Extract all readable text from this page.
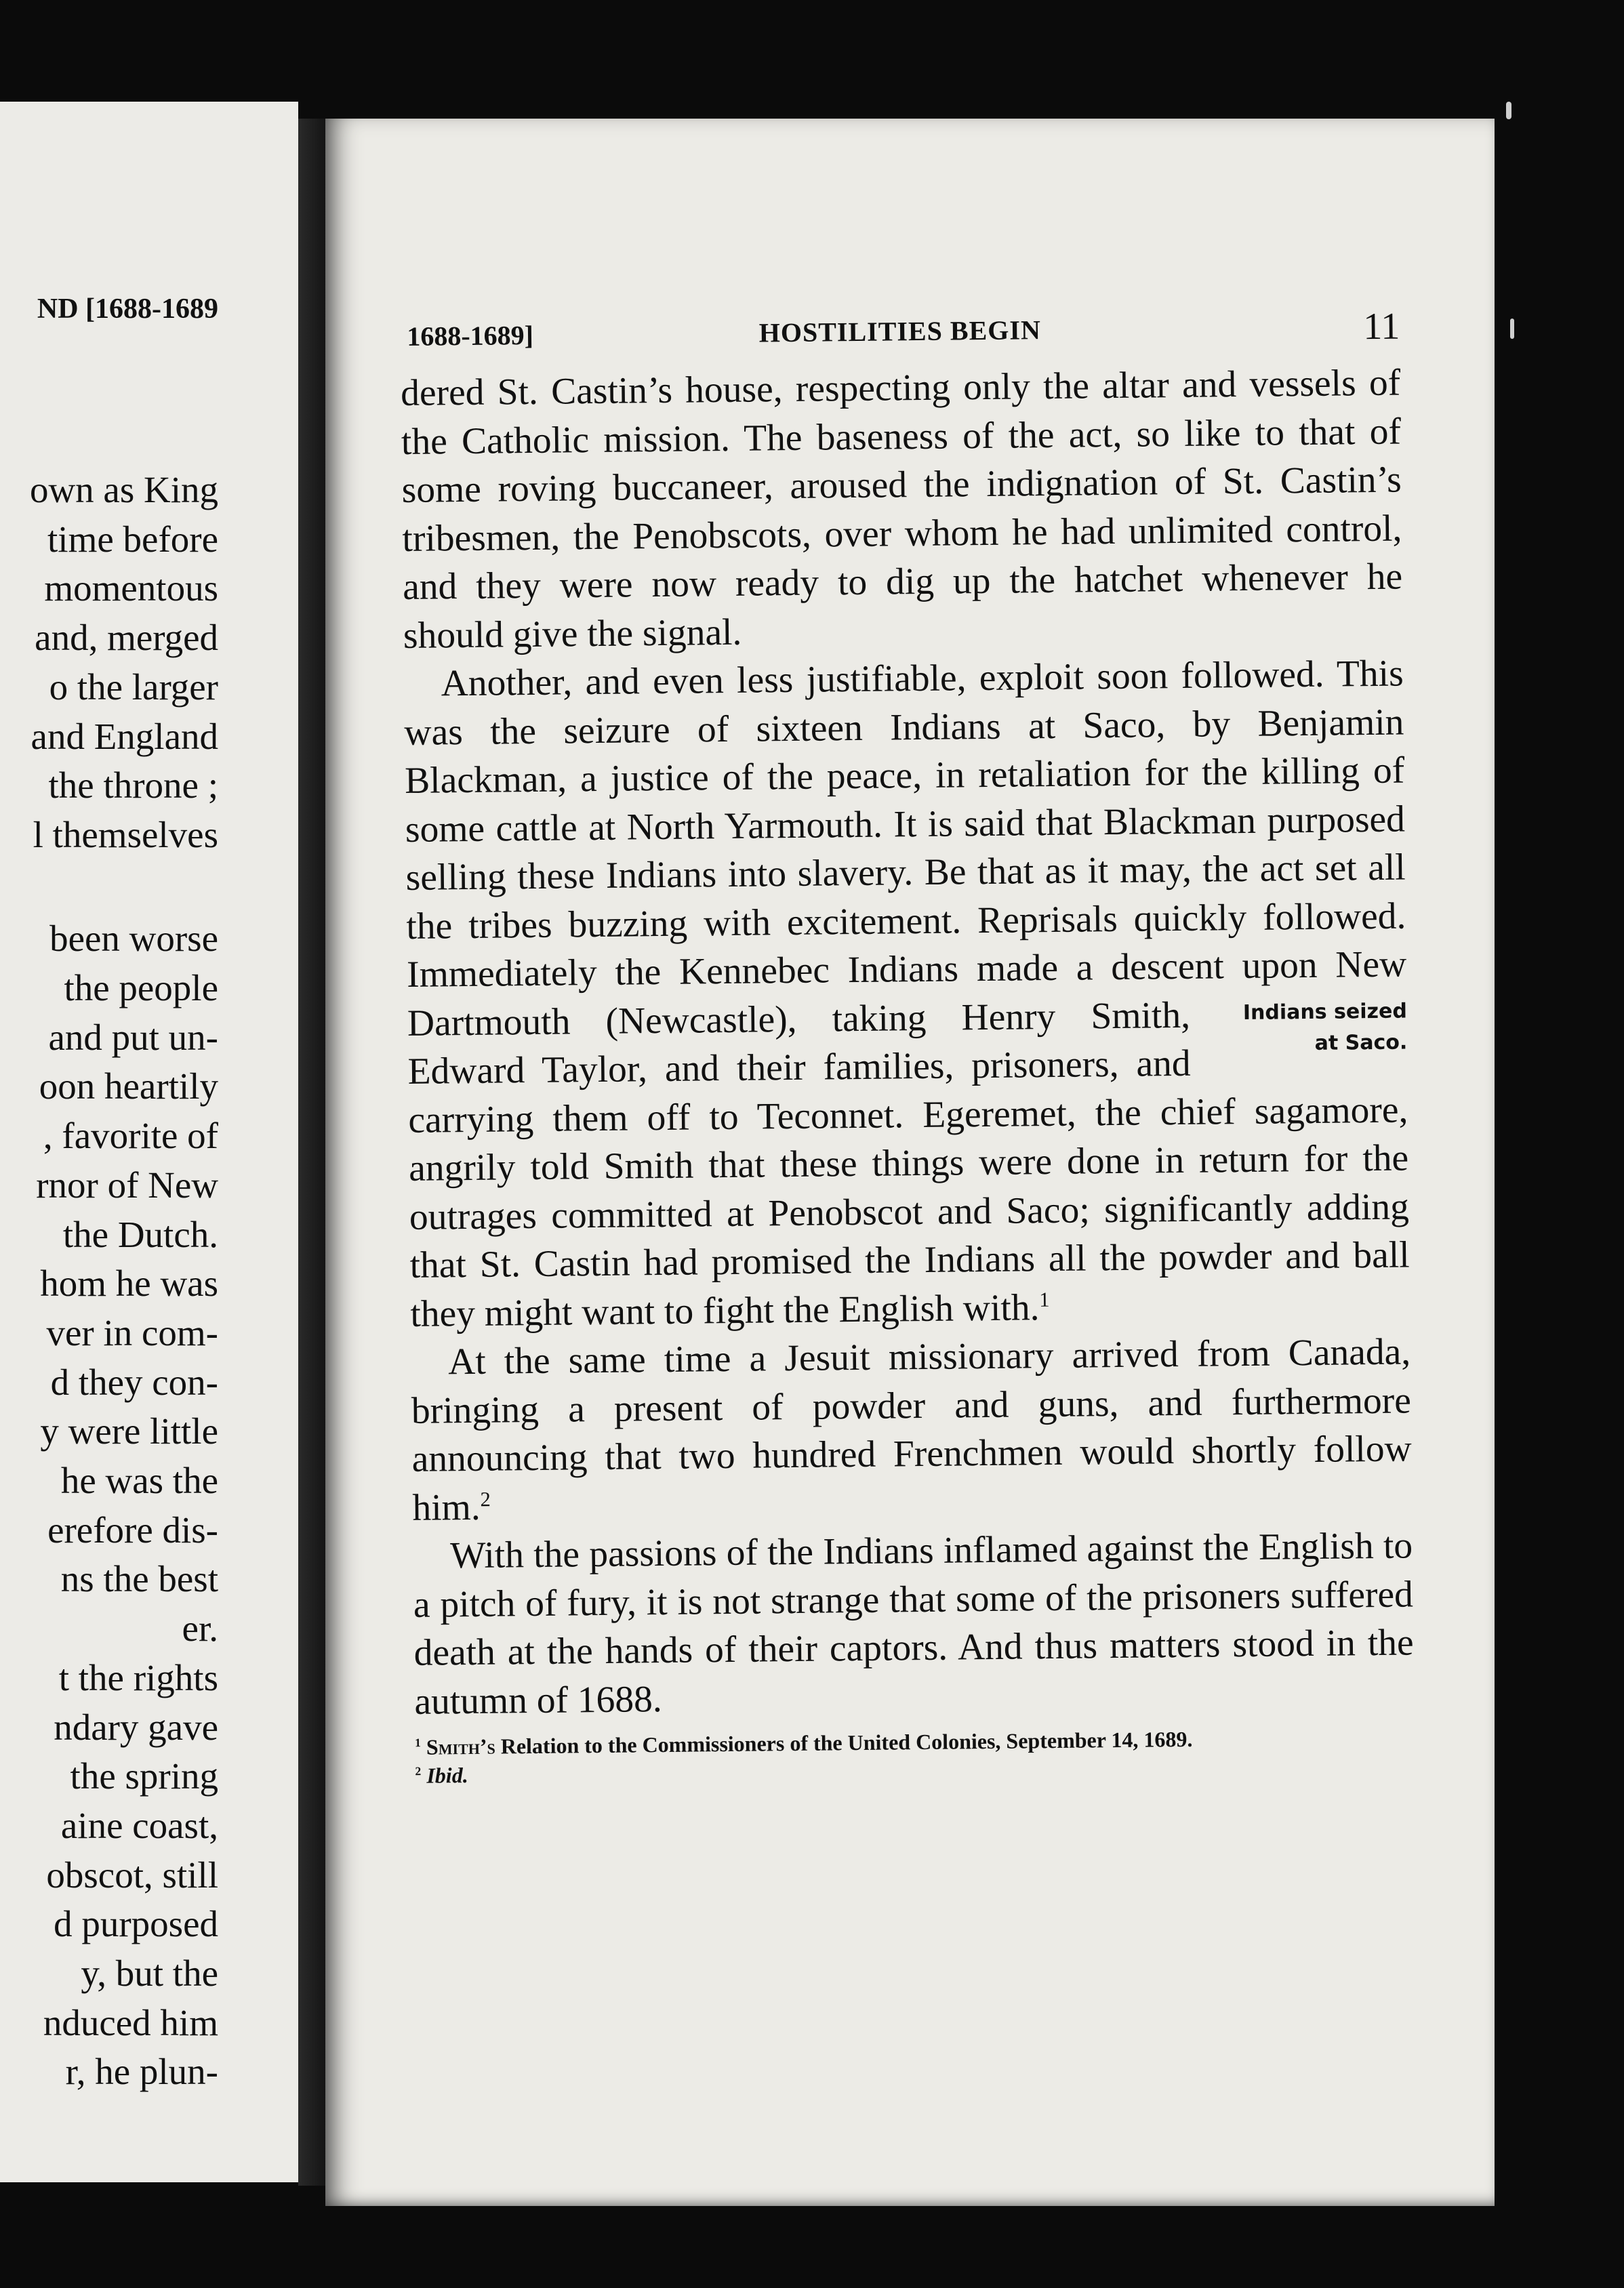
ND [1688-1689
own as King
time before
momentous
and, merged
o the larger
and England
the throne ;
l themselves
been worse
the people
and put un-
oon heartily
, favorite of
rnor of New
the Dutch.
hom he was
ver in com-
d they con-
y were little
he was the
erefore dis-
ns the best
er.
t the rights
ndary gave
the spring
aine coast,
obscot, still
d purposed
y, but the
nduced him
r, he plun-
1688-1689]	HOSTILITIES BEGIN	11

dered St. Castin’s house, respecting only the altar and vessels of the Catholic mission. The baseness of the act, so like to that of some roving buccaneer, aroused the indignation of St. Castin’s tribesmen, the Penobscots, over whom he had unlimited control, and they were now ready to dig up the hatchet whenever he should give the signal.

Another, and even less justifiable, exploit soon followed. This was the seizure of sixteen Indians at Saco, by Benjamin Blackman, a justice of the peace, in retaliation for the killing of some cattle at North Yarmouth. It is said that Blackman purposed selling these Indians into slavery. Be that as it may, the act set all the tribes buzzing with excitement. Reprisals quickly followed. Immediately the Kennebec Indians made a descent upon New Dartmouth (Newcastle),	Indians seized
at Saco.
taking Henry Smith, Edward Taylor, and their families, prisoners, and carrying them off to Teconnet. Egeremet, the chief sagamore, angrily told Smith that these things were done in return for the outrages committed at Penobscot and Saco; significantly adding that St. Castin had promised the Indians all the powder and ball they might want to fight the English with.$^1$

At the same time a Jesuit missionary arrived from Canada, bringing a present of powder and guns, and furthermore announcing that two hundred Frenchmen would shortly follow him.$^2$

With the passions of the Indians inflamed against the English to a pitch of fury, it is not strange that some of the prisoners suffered death at the hands of their captors. And thus matters stood in the autumn of 1688.

$^1$ Smith’s Relation to the Commissioners of the United Colonies, September 14, 1689.
$^2$ Ibid.
